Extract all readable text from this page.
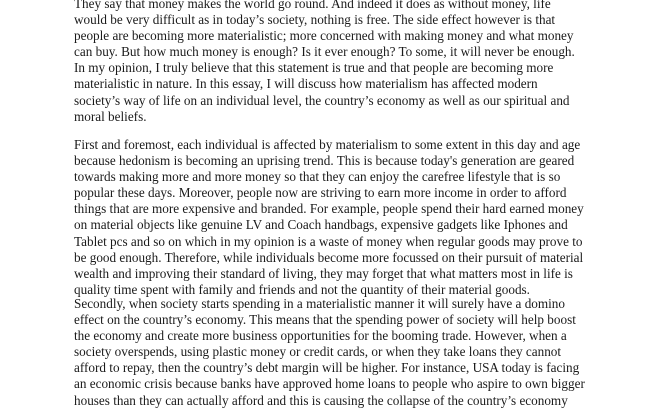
They say that money makes the world go round. And indeed it does as without money, life
would be very difficult as in today’s society, nothing is free. The side effect however is that
people are becoming more materialistic; more concerned with making money and what money
can buy. But how much money is enough? Is it ever enough? To some, it will never be enough.
In my opinion, I truly believe that this statement is true and that people are becoming more
materialistic in nature. In this essay, I will discuss how materialism has affected modern
society’s way of life on an individual level, the country’s economy as well as our spiritual and
moral beliefs.

First and foremost, each individual is affected by materialism to some extent in this day and age
because hedonism is becoming an uprising trend. This is because today's generation are geared
towards making more and more money so that they can enjoy the carefree lifestyle that is so
popular these days. Moreover, people now are striving to earn more income in order to afford
things that are more expensive and branded. For example, people spend their hard earned money
on material objects like genuine LV and Coach handbags, expensive gadgets like Iphones and
Tablet pcs and so on which in my opinion is a waste of money when regular goods may prove to
be good enough. Therefore, while individuals become more focussed on their pursuit of material
wealth and improving their standard of living, they may forget that what matters most in life is
quality time spent with family and friends and not the quantity of their material goods.

Secondly, when society starts spending in a materialistic manner it will surely have a domino
effect on the country’s economy. This means that the spending power of society will help boost
the economy and create more business opportunities for the booming trade. However, when a
society overspends, using plastic money or credit cards, or when they take loans they cannot
afford to repay, then the country’s debt margin will be higher. For instance, USA today is facing
an economic crisis because banks have approved home loans to people who aspire to own bigger
houses than they can actually afford and this is causing the collapse of the country’s economy
